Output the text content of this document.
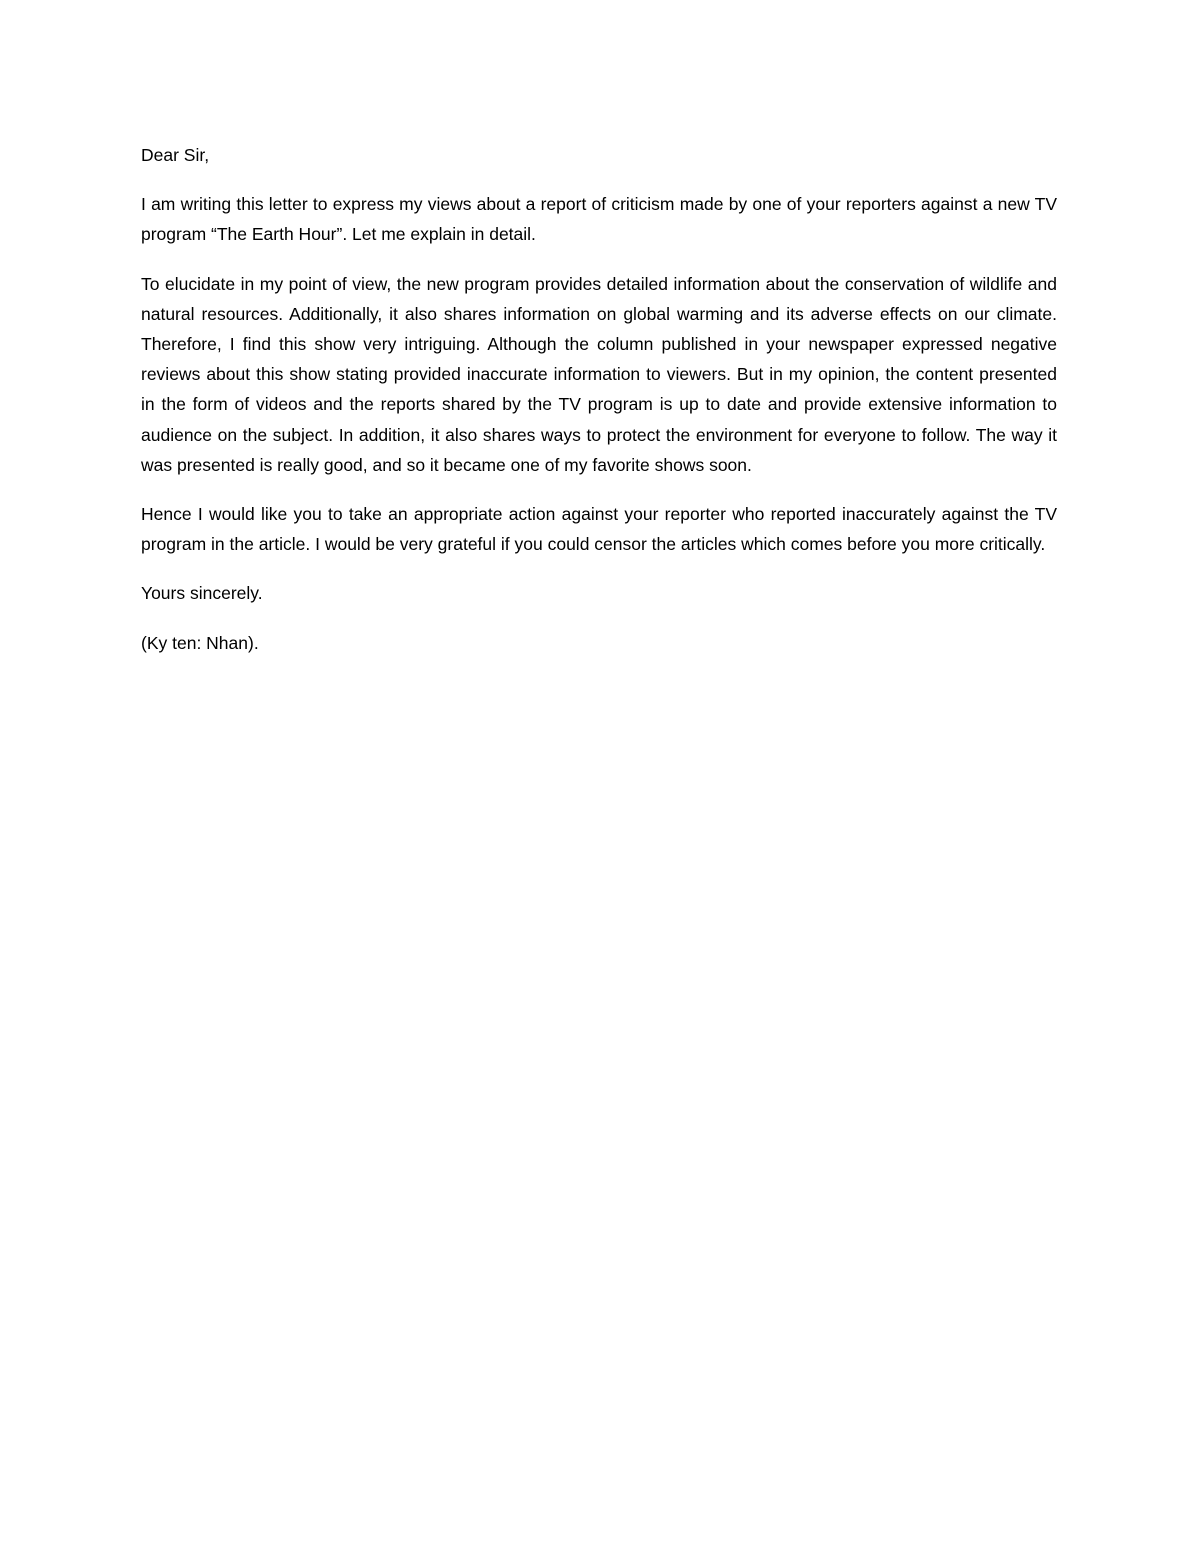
Dear Sir,

I am writing this letter to express my views about a report of criticism made by one of your reporters against a new TV program “The Earth Hour”. Let me explain in detail.

To elucidate in my point of view, the new program provides detailed information about the conservation of wildlife and natural resources. Additionally, it also shares information on global warming and its adverse effects on our climate. Therefore, I find this show very intriguing. Although the column published in your newspaper expressed negative reviews about this show stating provided inaccurate information to viewers. But in my opinion, the content presented in the form of videos and the reports shared by the TV program is up to date and provide extensive information to audience on the subject. In addition, it also shares ways to protect the environment for everyone to follow. The way it was presented is really good, and so it became one of my favorite shows soon.

Hence I would like you to take an appropriate action against your reporter who reported inaccurately against the TV program in the article. I would be very grateful if you could censor the articles which comes before you more critically.

Yours sincerely.

(Ky ten: Nhan).
